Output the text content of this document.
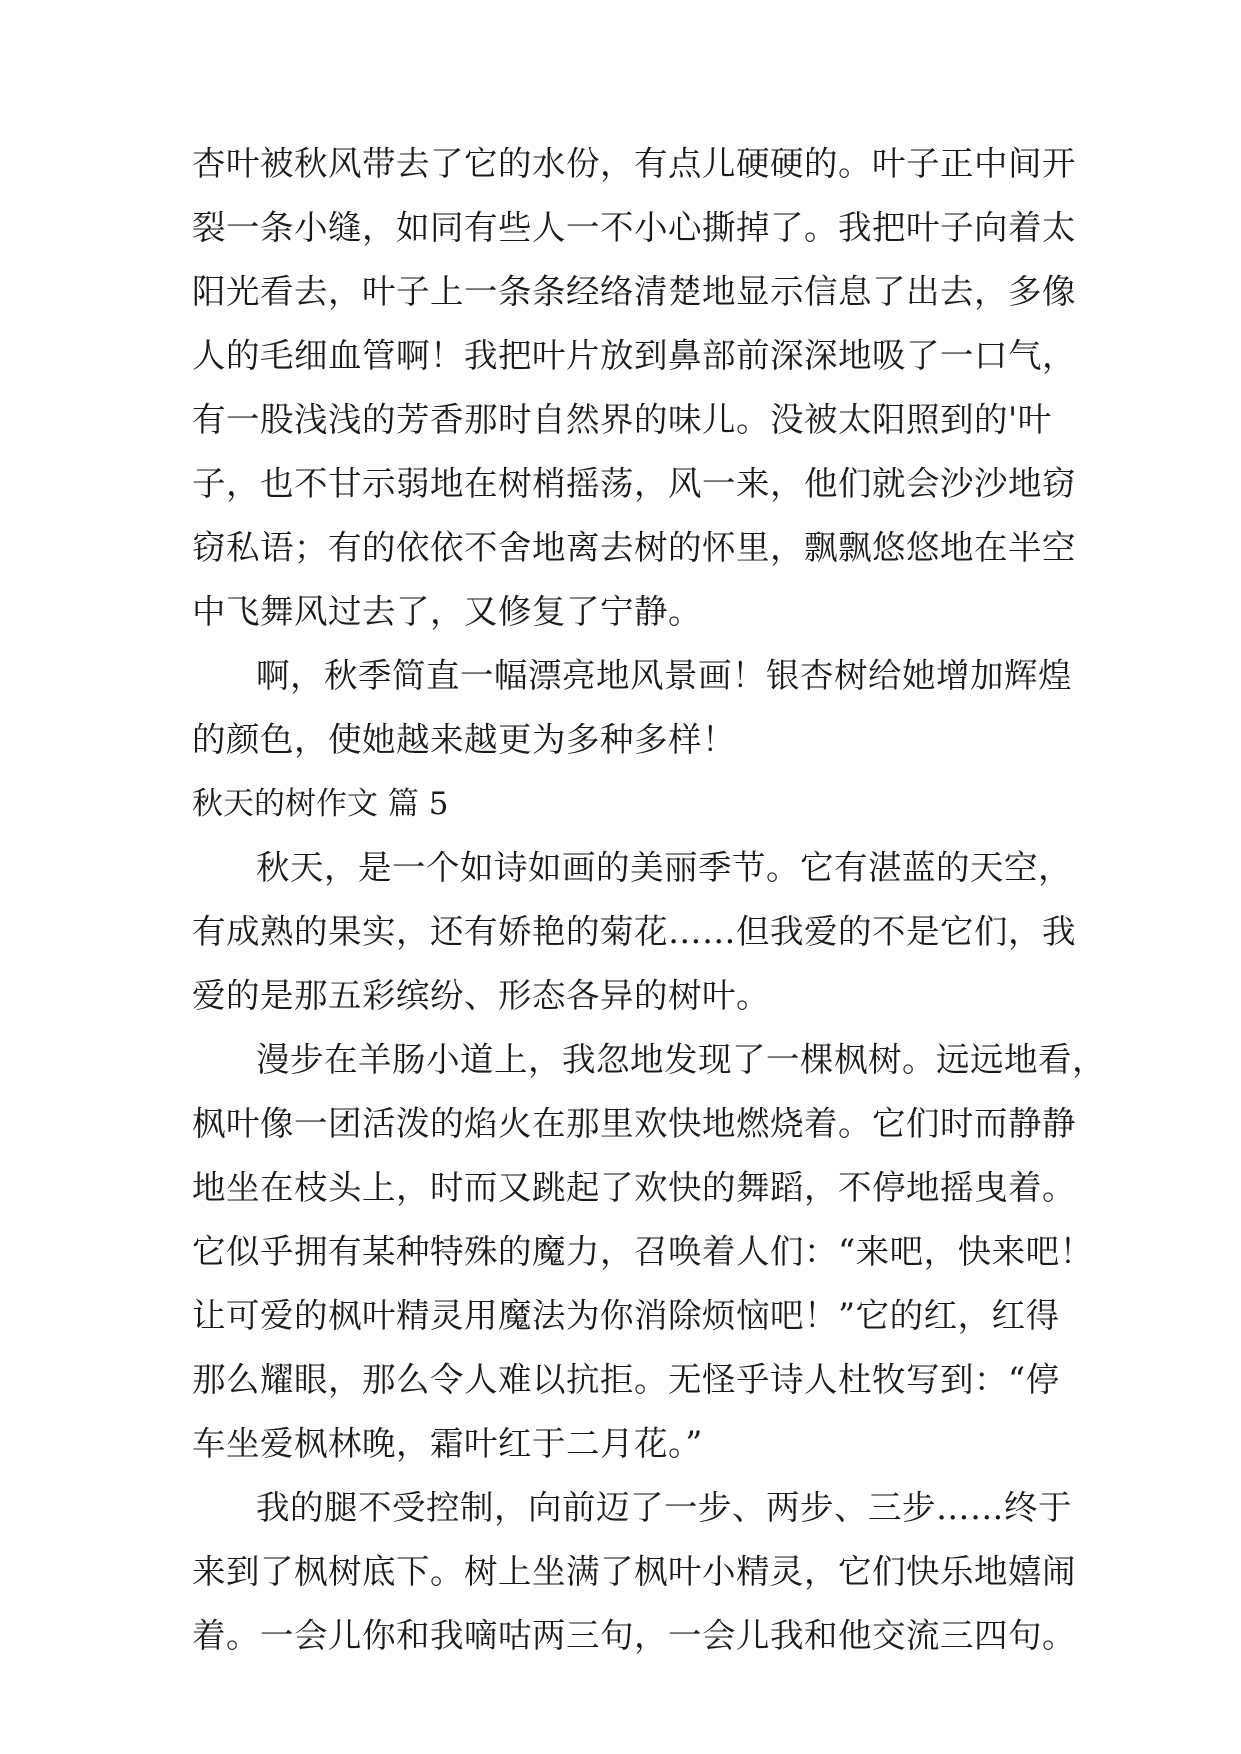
杏叶被秋风带去了它的水份，有点儿硬硬的。叶子正中间开
裂一条小缝，如同有些人一不小心撕掉了。我把叶子向着太
阳光看去，叶子上一条条经络清楚地显示信息了出去，多像
人的毛细血管啊！我把叶片放到鼻部前深深地吸了一口气，
有一股浅浅的芳香那时自然界的味儿。没被太阳照到的'叶
子，也不甘示弱地在树梢摇荡，风一来，他们就会沙沙地窃
窃私语；有的依依不舍地离去树的怀里，飘飘悠悠地在半空
中飞舞风过去了，又修复了宁静。
啊，秋季简直一幅漂亮地风景画！银杏树给她增加辉煌
的颜色，使她越来越更为多种多样！
秋天的树作文 篇 5
秋天，是一个如诗如画的美丽季节。它有湛蓝的天空，
有成熟的果实，还有娇艳的菊花……但我爱的不是它们，我
爱的是那五彩缤纷、形态各异的树叶。
漫步在羊肠小道上，我忽地发现了一棵枫树。远远地看，
枫叶像一团活泼的焰火在那里欢快地燃烧着。它们时而静静
地坐在枝头上，时而又跳起了欢快的舞蹈，不停地摇曳着。
它似乎拥有某种特殊的魔力，召唤着人们：“来吧，快来吧！
让可爱的枫叶精灵用魔法为你消除烦恼吧！”它的红，红得
那么耀眼，那么令人难以抗拒。无怪乎诗人杜牧写到：“停
车坐爱枫林晚，霜叶红于二月花。”
我的腿不受控制，向前迈了一步、两步、三步……终于
来到了枫树底下。树上坐满了枫叶小精灵，它们快乐地嬉闹
着。一会儿你和我嘀咕两三句，一会儿我和他交流三四句。
